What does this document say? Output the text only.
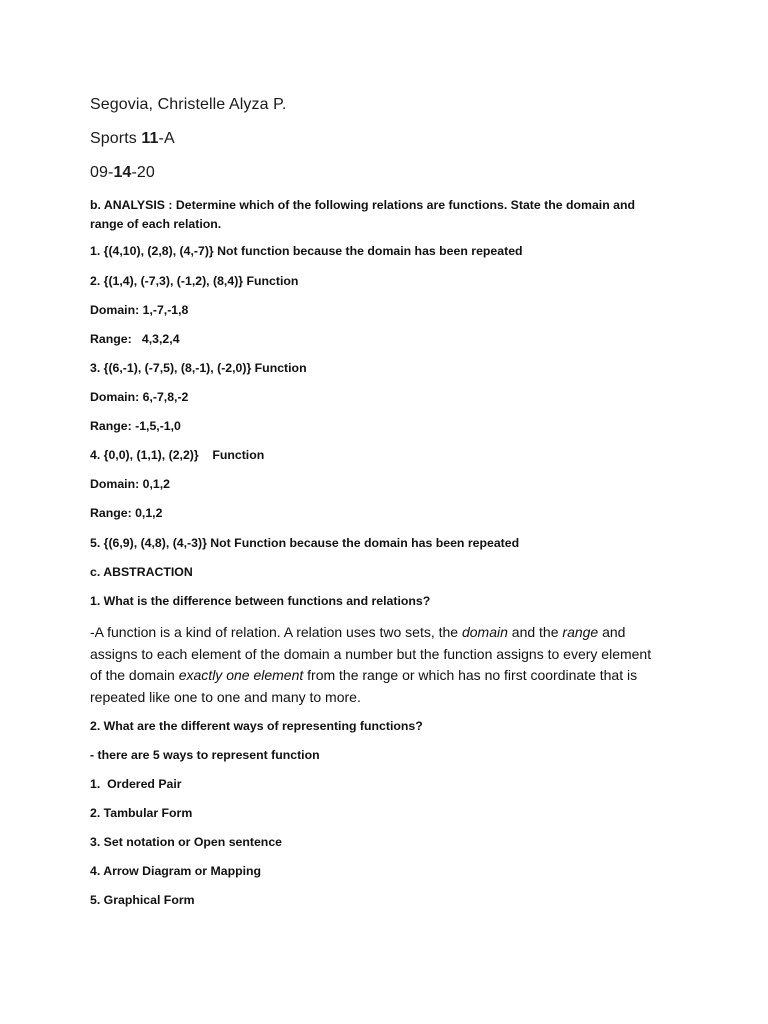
Segovia, Christelle Alyza P.
Sports 11-A
09-14-20
b. ANALYSIS : Determine which of the following relations are functions. State the domain and range of each relation.
1. {(4,10), (2,8), (4,-7)} Not function because the domain has been repeated
2. {(1,4), (-7,3), (-1,2), (8,4)} Function
Domain: 1,-7,-1,8
Range:   4,3,2,4
3. {(6,-1), (-7,5), (8,-1), (-2,0)} Function
Domain: 6,-7,8,-2
Range: -1,5,-1,0
4. {0,0), (1,1), (2,2)}    Function
Domain: 0,1,2
Range: 0,1,2
5. {(6,9), (4,8), (4,-3)} Not Function because the domain has been repeated
c. ABSTRACTION
1. What is the difference between functions and relations?
-A function is a kind of relation. A relation uses two sets, the domain and the range and assigns to each element of the domain a number but the function assigns to every element of the domain exactly one element from the range or which has no first coordinate that is repeated like one to one and many to more.
2. What are the different ways of representing functions?
- there are 5 ways to represent function
1.  Ordered Pair
2. Tambular Form
3. Set notation or Open sentence
4. Arrow Diagram or Mapping
5. Graphical Form
